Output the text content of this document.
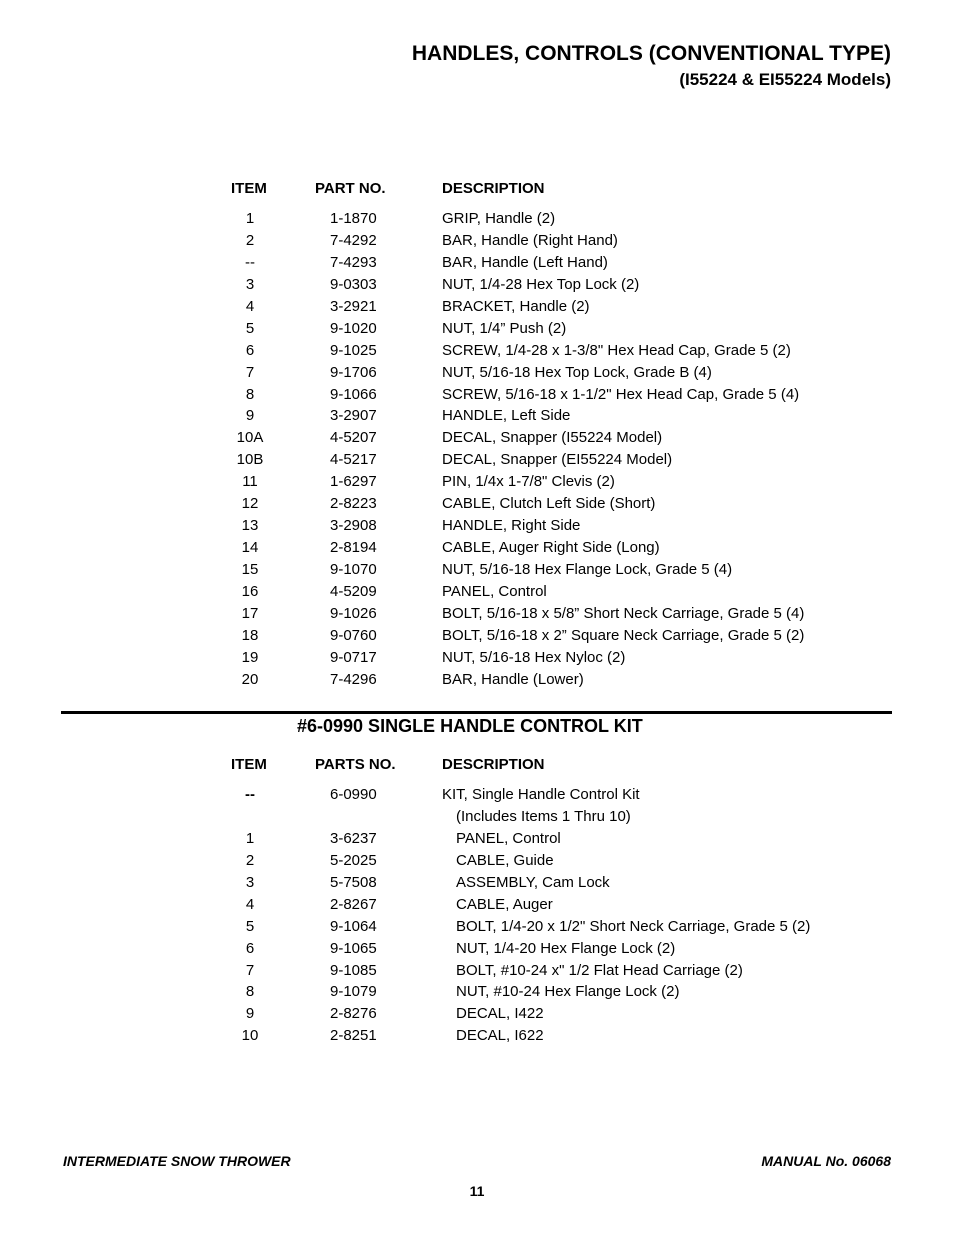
HANDLES, CONTROLS (CONVENTIONAL TYPE)
(I55224 & EI55224 Models)
ITEM	PART NO.	DESCRIPTION
1	1-1870	GRIP, Handle (2)
2	7-4292	BAR, Handle (Right Hand)
--	7-4293	BAR, Handle (Left Hand)
3	9-0303	NUT, 1/4-28 Hex Top Lock (2)
4	3-2921	BRACKET, Handle (2)
5	9-1020	NUT, 1/4” Push (2)
6	9-1025	SCREW, 1/4-28 x 1-3/8" Hex Head Cap, Grade 5 (2)
7	9-1706	NUT, 5/16-18 Hex Top Lock, Grade B (4)
8	9-1066	SCREW, 5/16-18 x 1-1/2" Hex Head Cap, Grade 5 (4)
9	3-2907	HANDLE, Left Side
10A	4-5207	DECAL, Snapper (I55224 Model)
10B	4-5217	DECAL, Snapper (EI55224 Model)
11	1-6297	PIN, 1/4x 1-7/8" Clevis (2)
12	2-8223	CABLE, Clutch Left Side (Short)
13	3-2908	HANDLE, Right Side
14	2-8194	CABLE, Auger Right Side (Long)
15	9-1070	NUT, 5/16-18 Hex Flange Lock, Grade 5 (4)
16	4-5209	PANEL, Control
17	9-1026	BOLT, 5/16-18 x 5/8” Short Neck Carriage, Grade 5 (4)
18	9-0760	BOLT, 5/16-18 x 2” Square Neck Carriage, Grade 5 (2)
19	9-0717	NUT, 5/16-18 Hex Nyloc (2)
20	7-4296	BAR, Handle (Lower)
#6-0990 SINGLE HANDLE CONTROL KIT
ITEM	PARTS NO.	DESCRIPTION
--	6-0990	KIT, Single Handle Control Kit
(Includes Items 1 Thru 10)
1	3-6237	PANEL, Control
2	5-2025	CABLE, Guide
3	5-7508	ASSEMBLY, Cam Lock
4	2-8267	CABLE, Auger
5	9-1064	BOLT, 1/4-20 x 1/2" Short Neck Carriage, Grade 5 (2)
6	9-1065	NUT, 1/4-20 Hex Flange Lock (2)
7	9-1085	BOLT, #10-24 x" 1/2 Flat Head Carriage (2)
8	9-1079	NUT, #10-24 Hex Flange Lock (2)
9	2-8276	DECAL, I422
10	2-8251	DECAL, I622
INTERMEDIATE SNOW THROWER	MANUAL No. 06068
11
